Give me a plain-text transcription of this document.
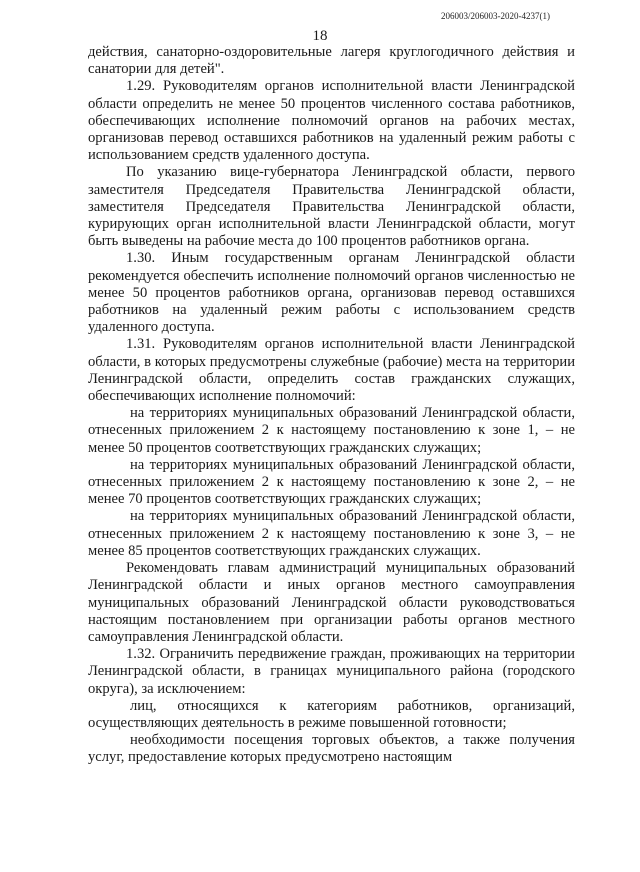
206003/206003-2020-4237(1)
18

действия, санаторно-оздоровительные лагеря круглогодичного действия и санатории для детей".

1.29. Руководителям органов исполнительной власти Ленинградской области определить не менее 50 процентов численного состава работников, обеспечивающих исполнение полномочий органов на рабочих местах, организовав перевод оставшихся работников на удаленный режим работы с использованием средств удаленного доступа.

По указанию вице-губернатора Ленинградской области, первого заместителя Председателя Правительства Ленинградской области, заместителя Председателя Правительства Ленинградской области, курирующих орган исполнительной власти Ленинградской области, могут быть выведены на рабочие места до 100 процентов работников органа.

1.30. Иным государственным органам Ленинградской области рекомендуется обеспечить исполнение полномочий органов численностью не менее 50 процентов работников органа, организовав перевод оставшихся работников на удаленный режим работы с использованием средств удаленного доступа.

1.31. Руководителям органов исполнительной власти Ленинградской области, в которых предусмотрены служебные (рабочие) места на территории Ленинградской области, определить состав гражданских служащих, обеспечивающих исполнение полномочий:

на территориях муниципальных образований Ленинградской области, отнесенных приложением 2 к настоящему постановлению к зоне 1, – не менее 50 процентов соответствующих гражданских служащих;

на территориях муниципальных образований Ленинградской области, отнесенных приложением 2 к настоящему постановлению к зоне 2, – не менее 70 процентов соответствующих гражданских служащих;

на территориях муниципальных образований Ленинградской области, отнесенных приложением 2 к настоящему постановлению к зоне 3, – не менее 85 процентов соответствующих гражданских служащих.

Рекомендовать главам администраций муниципальных образований Ленинградской области и иных органов местного самоуправления муниципальных образований Ленинградской области руководствоваться настоящим постановлением при организации работы органов местного самоуправления Ленинградской области.

1.32. Ограничить передвижение граждан, проживающих на территории Ленинградской области, в границах муниципального района (городского округа), за исключением:

лиц, относящихся к категориям работников, организаций, осуществляющих деятельность в режиме повышенной готовности;

необходимости посещения торговых объектов, а также получения услуг, предоставление которых предусмотрено настоящим
